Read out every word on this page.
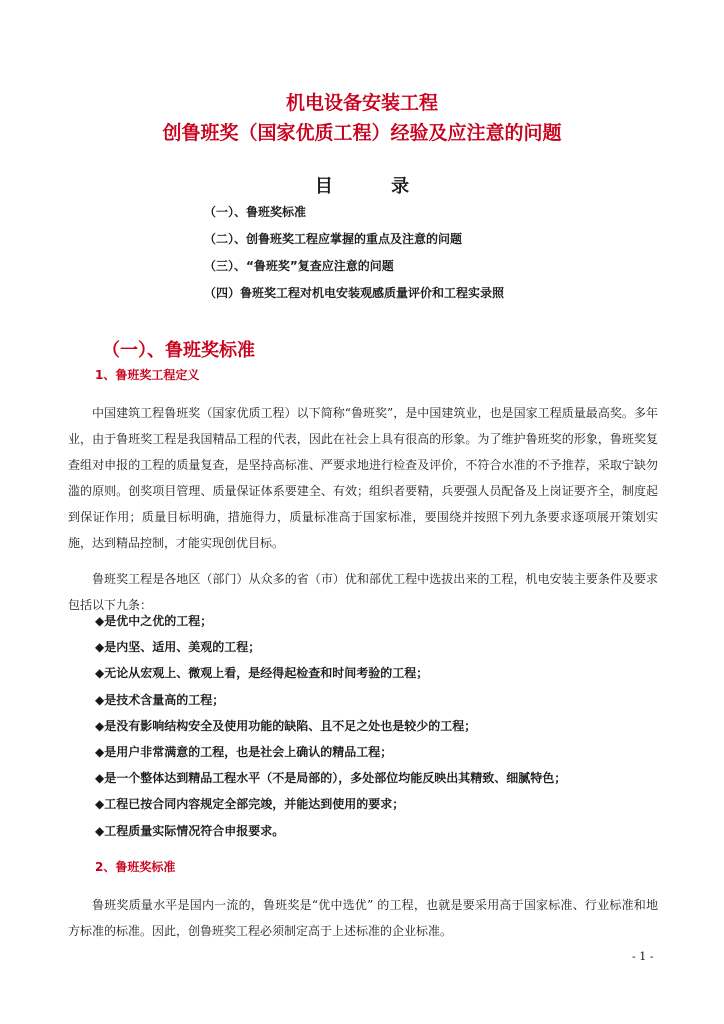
机电设备安装工程
创鲁班奖（国家优质工程）经验及应注意的问题
目 录
（一）、鲁班奖标准
（二）、创鲁班奖工程应掌握的重点及注意的问题
（三）、“鲁班奖”复查应注意的问题
（四）鲁班奖工程对机电安装观感质量评价和工程实录照
（一）、鲁班奖标准
1、鲁班奖工程定义

中国建筑工程鲁班奖（国家优质工程）以下简称“鲁班奖”，是中国建筑业，也是国家工程质量最高奖。多年业，由于鲁班奖工程是我国精品工程的代表，因此在社会上具有很高的形象。为了维护鲁班奖的形象，鲁班奖复查组对申报的工程的质量复查，是坚持高标准、严要求地进行检查及评价，不符合水准的不予推荐，采取宁缺勿滥的原则。创奖项目管理、质量保证体系要建全、有效；组织者要精，兵要强人员配备及上岗证要齐全，制度起到保证作用；质量目标明确，措施得力，质量标准高于国家标准，要围绕并按照下列九条要求逐项展开策划实施，达到精品控制，才能实现创优目标。

鲁班奖工程是各地区（部门）从众多的省（市）优和部优工程中选拔出来的工程，机电安装主要条件及要求包括以下九条：

◆是优中之优的工程；
◆是内坚、适用、美观的工程；
◆无论从宏观上、微观上看，是经得起检查和时间考验的工程；
◆是技术含量高的工程；
◆是没有影响结构安全及使用功能的缺陷、且不足之处也是较少的工程；
◆是用户非常满意的工程，也是社会上确认的精品工程；
◆是一个整体达到精品工程水平（不是局部的），多处部位均能反映出其精致、细腻特色；
◆工程已按合同内容规定全部完竣，并能达到使用的要求；
◆工程质量实际情况符合申报要求。
2、鲁班奖标准

鲁班奖质量水平是国内一流的，鲁班奖是“优中选优” 的工程，也就是要采用高于国家标准、行业标准和地方标准的标准。因此，创鲁班奖工程必须制定高于上述标准的企业标准。

- 1 -
